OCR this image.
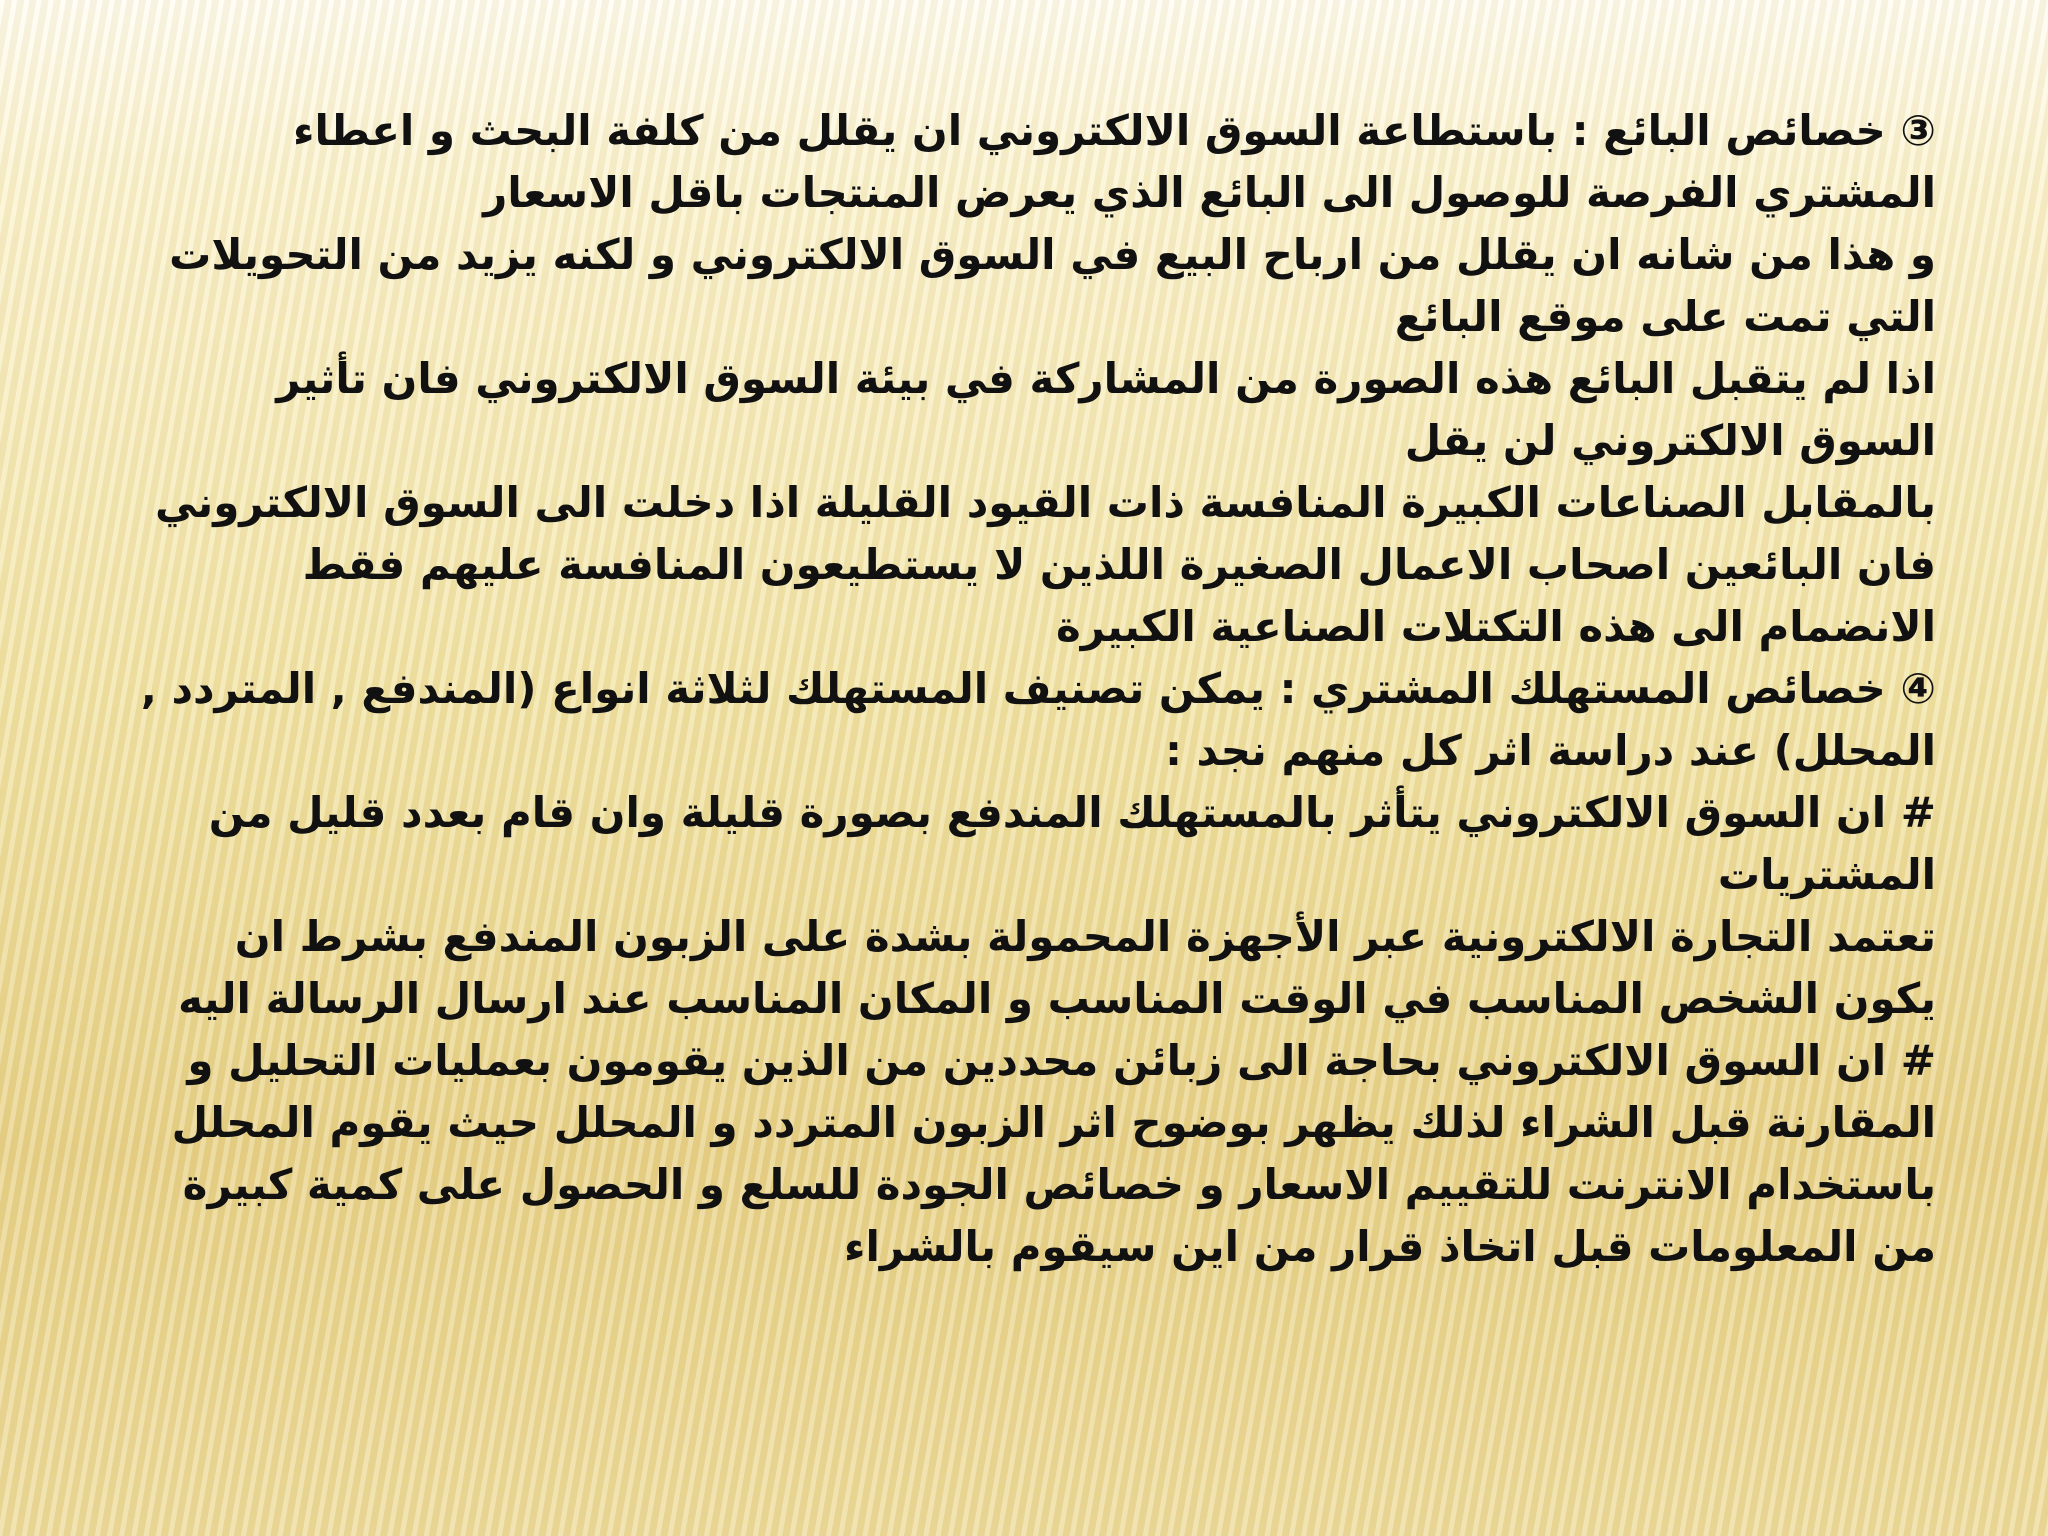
③ خصائص البائع : باستطاعة السوق الالكتروني ان يقلل من كلفة البحث و اعطاء المشتري الفرصة للوصول الى البائع الذي يعرض المنتجات باقل الاسعار

و هذا من شانه ان يقلل من ارباح البيع في السوق الالكتروني و لكنه يزيد من التحويلات التي تمت على موقع البائع

اذا لم يتقبل البائع هذه الصورة من المشاركة في بيئة السوق الالكتروني فان تأثير السوق الالكتروني لن يقل

بالمقابل الصناعات الكبيرة المنافسة ذات القيود القليلة اذا دخلت الى السوق الالكتروني فان البائعين اصحاب الاعمال الصغيرة اللذين لا يستطيعون المنافسة عليهم فقط الانضمام الى هذه التكتلات الصناعية الكبيرة

④ خصائص المستهلك المشتري : يمكن تصنيف المستهلك لثلاثة انواع (المندفع , المتردد , المحلل) عند دراسة اثر كل منهم نجد :

# ان السوق الالكتروني يتأثر بالمستهلك المندفع بصورة قليلة وان قام بعدد قليل من المشتريات

تعتمد التجارة الالكترونية عبر الأجهزة المحمولة بشدة على الزبون المندفع بشرط ان يكون الشخص المناسب في الوقت المناسب و المكان المناسب عند ارسال الرسالة اليه

# ان السوق الالكتروني بحاجة الى زبائن محددين من الذين يقومون بعمليات التحليل و المقارنة قبل الشراء لذلك يظهر بوضوح اثر الزبون المتردد و المحلل حيث يقوم المحلل باستخدام الانترنت للتقييم الاسعار و خصائص الجودة للسلع و الحصول على كمية كبيرة من المعلومات قبل اتخاذ قرار من اين سيقوم بالشراء
